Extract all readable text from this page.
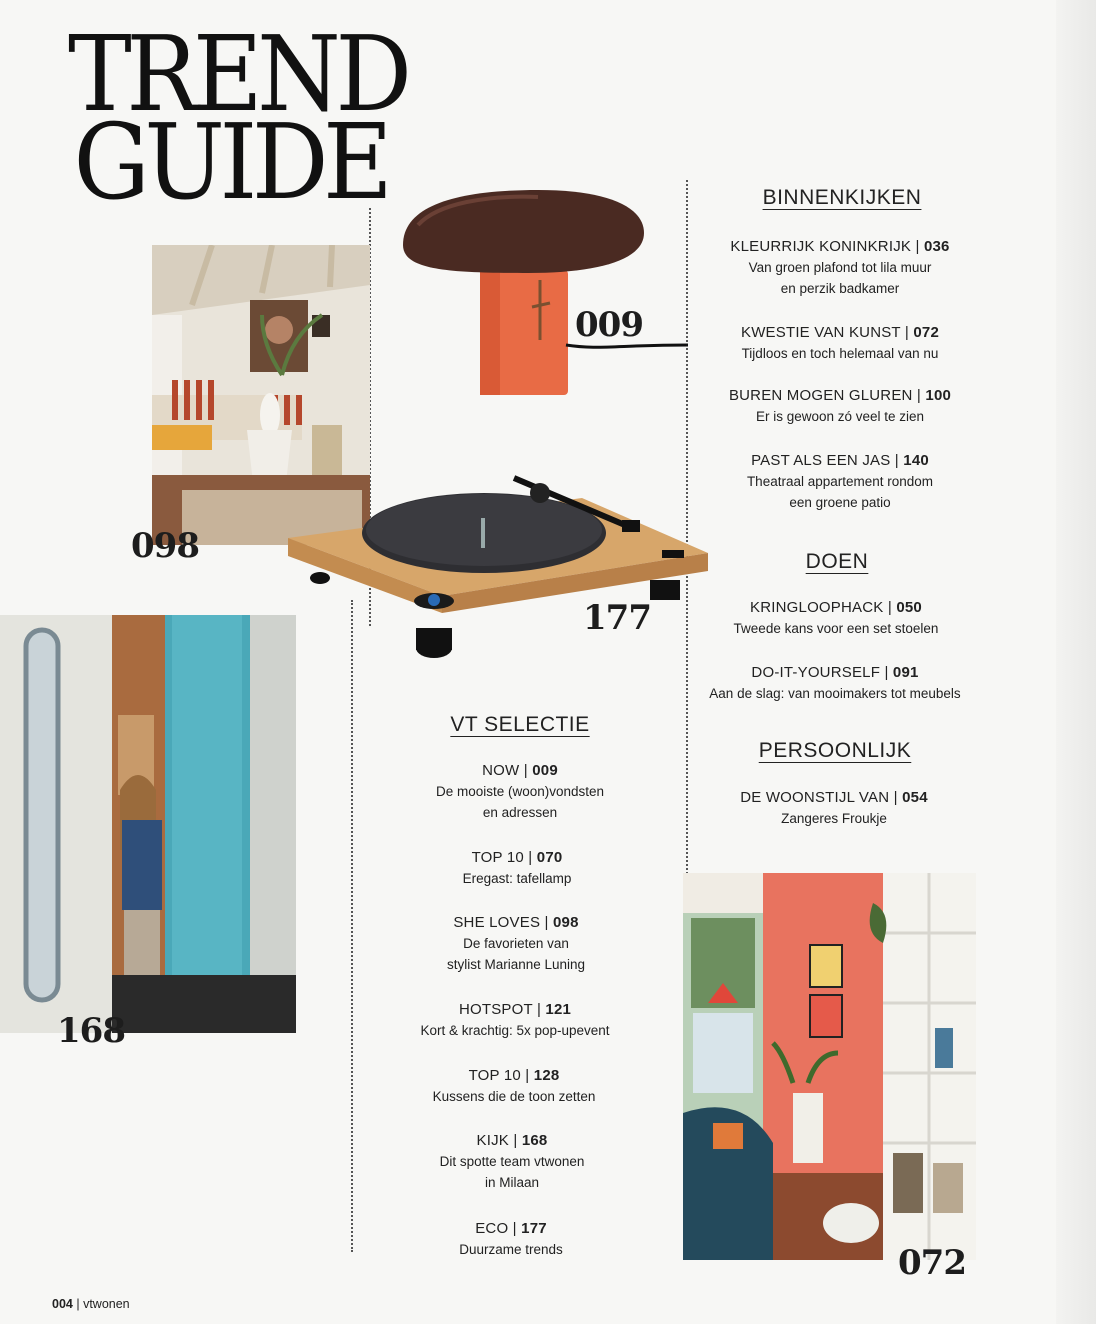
TREND
GUIDE
098
009
177
168
072
BINNENKIJKEN
KLEURRIJK KONINKRIJK | 036
Van groen plafond tot lila muur
en perzik badkamer
KWESTIE VAN KUNST | 072
Tijdloos en toch helemaal van nu
BUREN MOGEN GLUREN | 100
Er is gewoon zó veel te zien
PAST ALS EEN JAS | 140
Theatraal appartement rondom
een groene patio
DOEN
KRINGLOOPHACK | 050
Tweede kans voor een set stoelen
DO-IT-YOURSELF | 091
Aan de slag: van mooimakers tot meubels
PERSOONLIJK
DE WOONSTIJL VAN | 054
Zangeres Froukje
VT SELECTIE
NOW | 009
De mooiste (woon)vondsten
en adressen
TOP 10 | 070
Eregast: tafellamp
SHE LOVES | 098
De favorieten van
stylist Marianne Luning
HOTSPOT | 121
Kort & krachtig: 5x pop-upevent
TOP 10 | 128
Kussens die de toon zetten
KIJK | 168
Dit spotte team vtwonen
in Milaan
ECO | 177
Duurzame trends
004 | vtwonen
